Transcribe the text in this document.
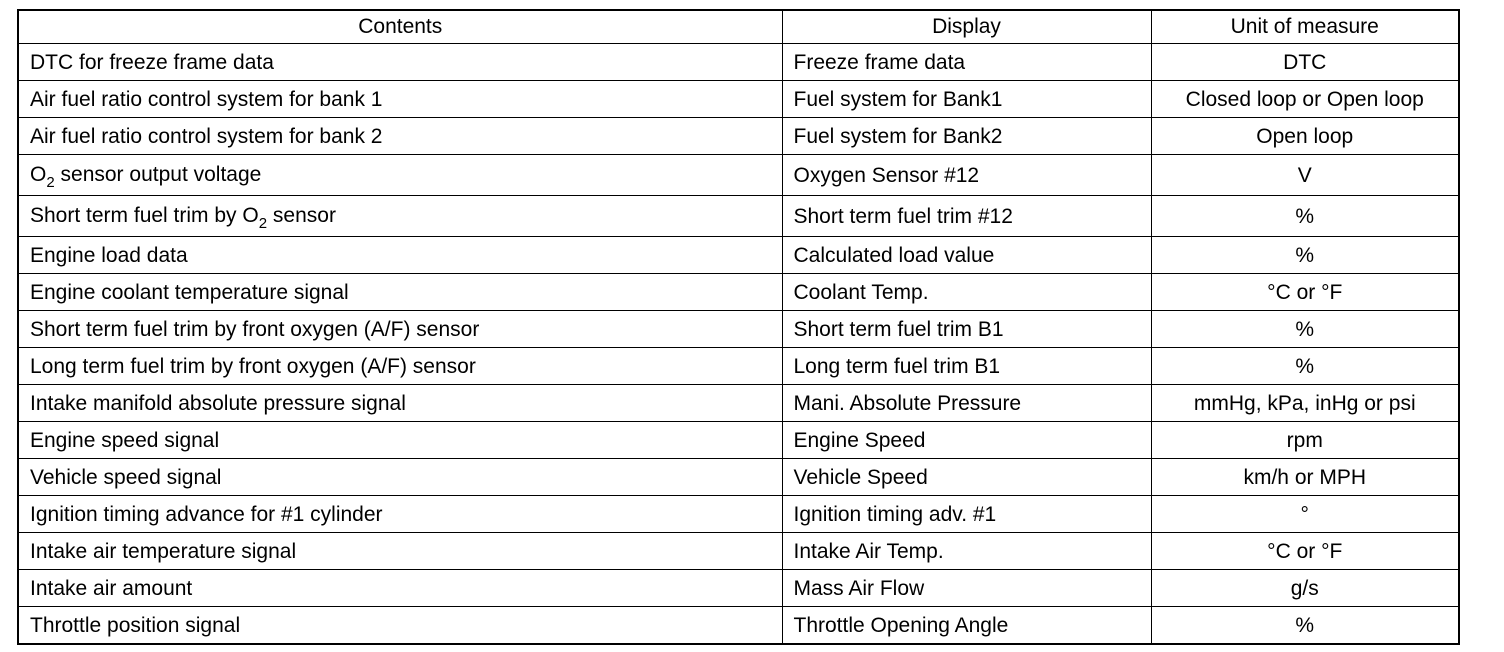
Contents	Display	Unit of measure
DTC for freeze frame data	Freeze frame data	DTC
Air fuel ratio control system for bank 1	Fuel system for Bank1	Closed loop or Open loop
Air fuel ratio control system for bank 2	Fuel system for Bank2	Open loop
$O_2$ sensor output voltage	Oxygen Sensor #12	V
Short term fuel trim by $O_2$ sensor	Short term fuel trim #12	%
Engine load data	Calculated load value	%
Engine coolant temperature signal	Coolant Temp.	°C or °F
Short term fuel trim by front oxygen (A/F) sensor	Short term fuel trim B1	%
Long term fuel trim by front oxygen (A/F) sensor	Long term fuel trim B1	%
Intake manifold absolute pressure signal	Mani. Absolute Pressure	mmHg, kPa, inHg or psi
Engine speed signal	Engine Speed	rpm
Vehicle speed signal	Vehicle Speed	km/h or MPH
Ignition timing advance for #1 cylinder	Ignition timing adv. #1	°
Intake air temperature signal	Intake Air Temp.	°C or °F
Intake air amount	Mass Air Flow	g/s
Throttle position signal	Throttle Opening Angle	%
